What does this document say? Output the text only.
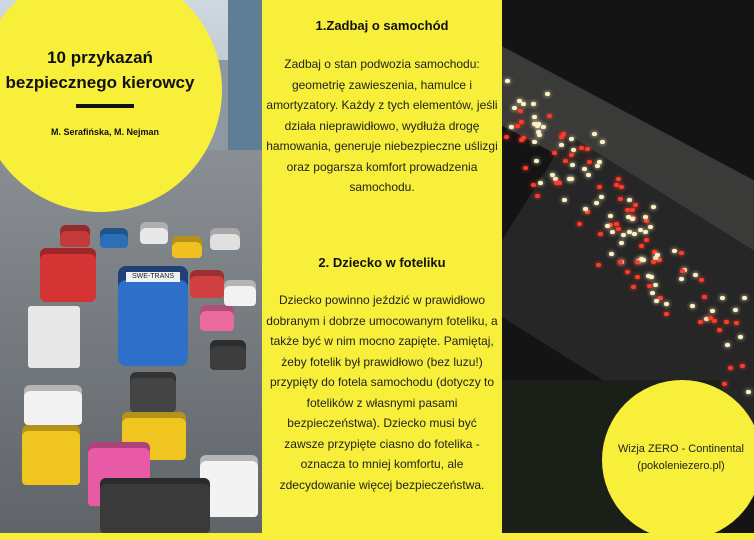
SWE-TRANS
1.Zadbaj o samochód
Zadbaj o stan podwozia samochodu: geometrię zawieszenia, hamulce i amortyzatory. Każdy z tych elementów, jeśli działa nieprawidłowo, wydłuża drogę hamowania, generuje niebezpieczne uślizgi oraz pogarsza komfort prowadzenia samochodu.
2. Dziecko w foteliku
Dziecko powinno jeździć w prawidłowo dobranym i dobrze umocowanym foteliku, a także być w nim mocno zapięte. Pamiętaj, żeby fotelik był prawidłowo (bez luzu!) przypięty do fotela samochodu (dotyczy to fotelików z własnymi pasami bezpieczeństwa). Dziecko musi być zawsze przypięte ciasno do fotelika - oznacza to mniej komfortu, ale zdecydowanie więcej bezpieczeństwa.
10 przykazań
bezpiecznego kierowcy
M. Serafińska, M. Nejman
Wizja ZERO - Continental
(pokoleniezero.pl)
